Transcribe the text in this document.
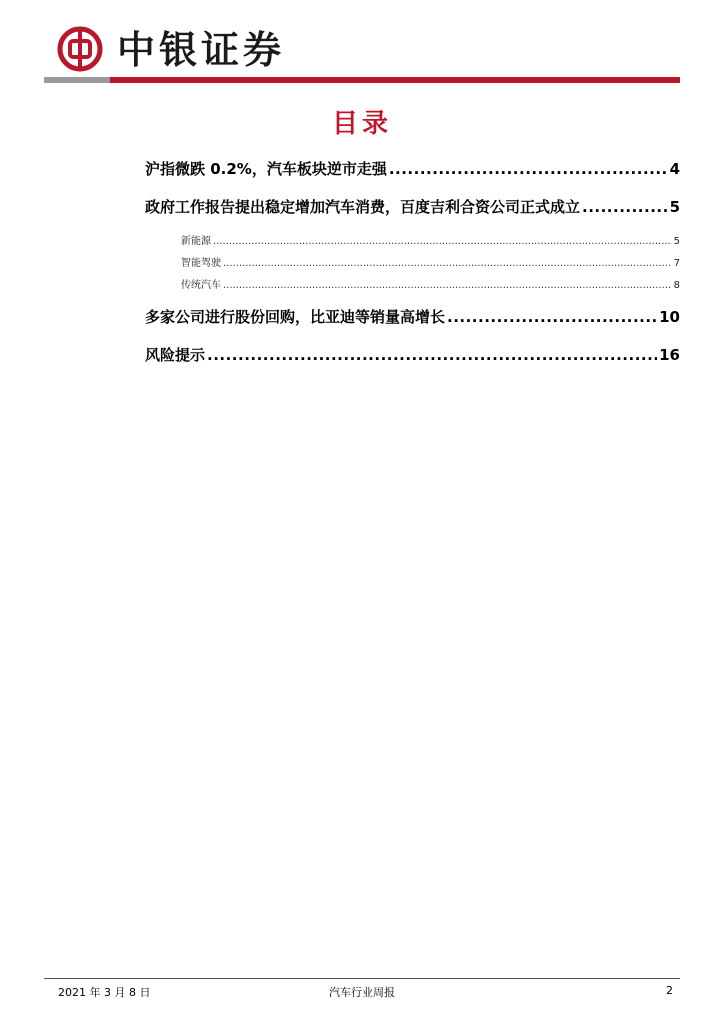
中银证券
目录
沪指微跌 0.2%，汽车板块逆市走强 .....	4
政府工作报告提出稳定增加汽车消费，百度吉利合资公司正式成立 .....	5
新能源 .....	5
智能驾驶 .....	7
传统汽车 .....	8
多家公司进行股份回购，比亚迪等销量高增长 .....	10
风险提示 .....	16
2021 年 3 月 8 日	汽车行业周报	2
